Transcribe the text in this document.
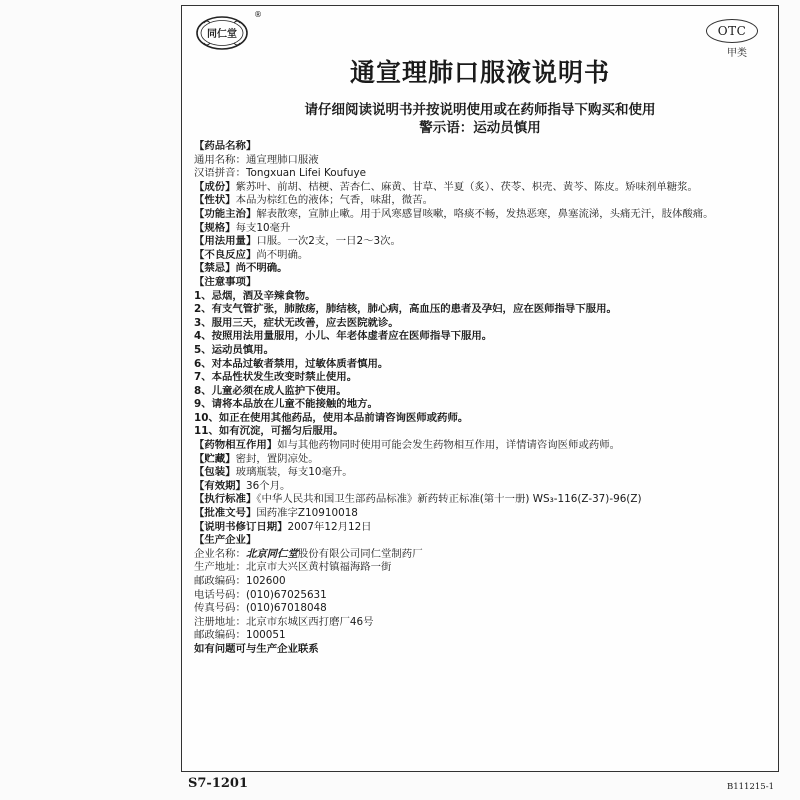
同仁堂
®
OTC
甲类
通宣理肺口服液说明书
请仔细阅读说明书并按说明使用或在药师指导下购买和使用
警示语：运动员慎用
【药品名称】
通用名称：通宣理肺口服液
汉语拼音：Tongxuan Lifei Koufuye
【成份】紫苏叶、前胡、桔梗、苦杏仁、麻黄、甘草、半夏（炙）、茯苓、枳壳、黄芩、陈皮。矫味剂单糖浆。
【性状】本品为棕红色的液体；气香，味甜，微苦。
【功能主治】解表散寒，宣肺止嗽。用于风寒感冒咳嗽，咯痰不畅，发热恶寒，鼻塞流涕，头痛无汗，肢体酸痛。
【规格】每支10毫升
【用法用量】口服。一次2支，一日2～3次。
【不良反应】尚不明确。
【禁忌】尚不明确。
【注意事项】
1、忌烟，酒及辛辣食物。
2、有支气管扩张，肺脓疡，肺结核，肺心病，高血压的患者及孕妇，应在医师指导下服用。
3、服用三天，症状无改善，应去医院就诊。
4、按照用法用量服用，小儿、年老体虚者应在医师指导下服用。
5、运动员慎用。
6、对本品过敏者禁用，过敏体质者慎用。
7、本品性状发生改变时禁止使用。
8、儿童必须在成人监护下使用。
9、请将本品放在儿童不能接触的地方。
10、如正在使用其他药品，使用本品前请咨询医师或药师。
11、如有沉淀，可摇匀后服用。
【药物相互作用】如与其他药物同时使用可能会发生药物相互作用，详情请咨询医师或药师。
【贮藏】密封，置阴凉处。
【包装】玻璃瓶装，每支10毫升。
【有效期】36个月。
【执行标准】《中华人民共和国卫生部药品标准》新药转正标准(第十一册) WS₃-116(Z-37)-96(Z)
【批准文号】国药准字Z10910018
【说明书修订日期】2007年12月12日
【生产企业】
企业名称：北京同仁堂股份有限公司同仁堂制药厂
生产地址：北京市大兴区黄村镇福海路一街
邮政编码：102600
电话号码：(010)67025631
传真号码：(010)67018048
注册地址：北京市东城区西打磨厂46号
邮政编码：100051
如有问题可与生产企业联系
S7-1201	B111215-1
